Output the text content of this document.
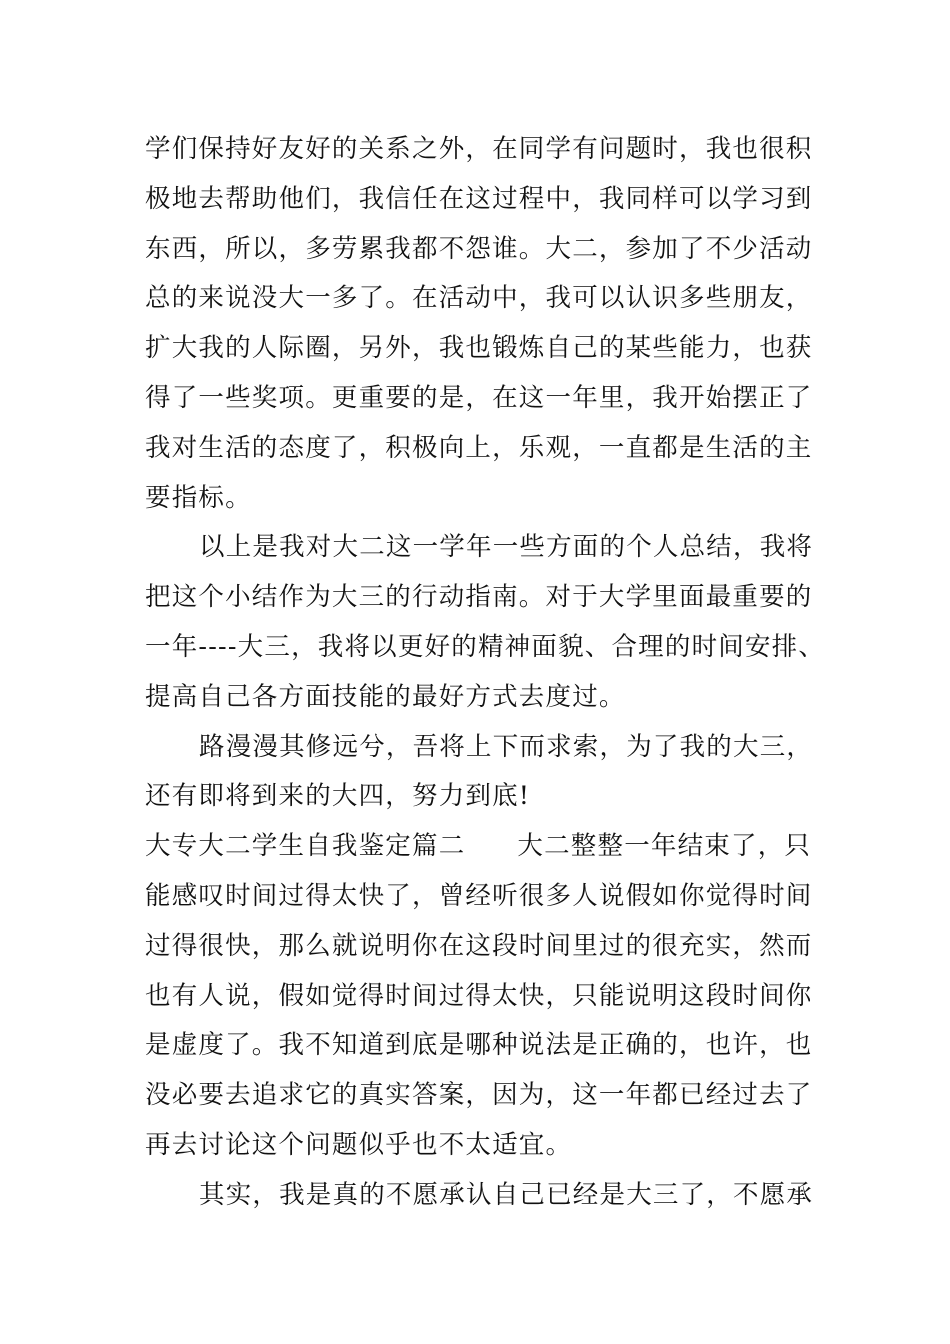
学们保持好友好的关系之外，在同学有问题时，我也很积
极地去帮助他们，我信任在这过程中，我同样可以学习到
东西，所以，多劳累我都不怨谁。大二，参加了不少活动
总的来说没大一多了。在活动中，我可以认识多些朋友，
扩大我的人际圈，另外，我也锻炼自己的某些能力，也获
得了一些奖项。更重要的是，在这一年里，我开始摆正了
我对生活的态度了，积极向上，乐观，一直都是生活的主
要指标。
以上是我对大二这一学年一些方面的个人总结，我将
把这个小结作为大三的行动指南。对于大学里面最重要的
一年----大三，我将以更好的精神面貌、合理的时间安排、
提高自己各方面技能的最好方式去度过。
路漫漫其修远兮，吾将上下而求索，为了我的大三，
还有即将到来的大四，努力到底!
大专大二学生自我鉴定篇二 大二整整一年结束了，只
能感叹时间过得太快了，曾经听很多人说假如你觉得时间
过得很快，那么就说明你在这段时间里过的很充实，然而
也有人说，假如觉得时间过得太快，只能说明这段时间你
是虚度了。我不知道到底是哪种说法是正确的，也许，也
没必要去追求它的真实答案，因为，这一年都已经过去了
再去讨论这个问题似乎也不太适宜。
其实，我是真的不愿承认自己已经是大三了，不愿承
